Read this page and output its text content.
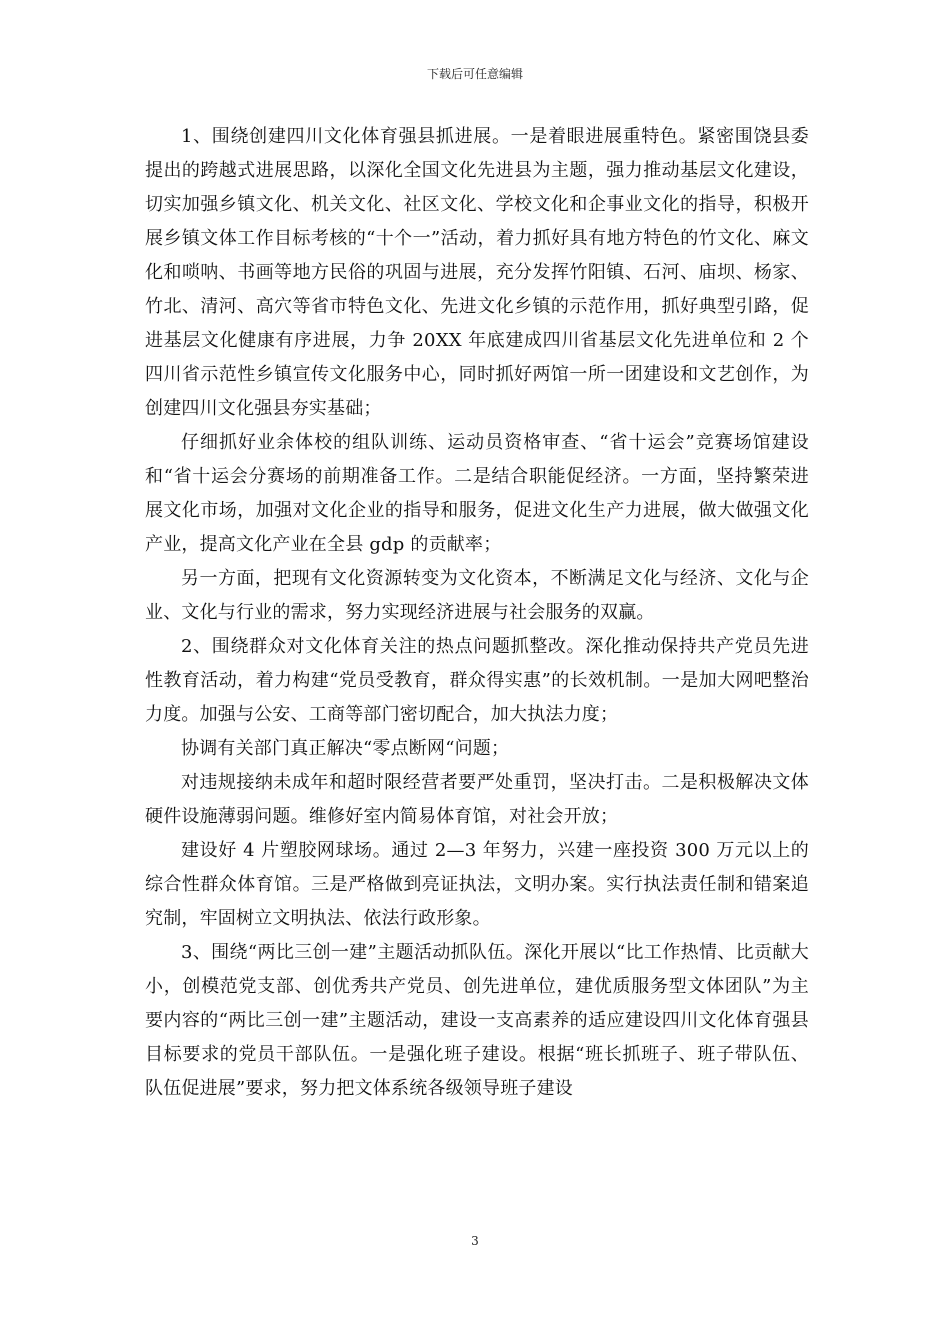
下载后可任意编辑

1、围绕创建四川文化体育强县抓进展。一是着眼进展重特色。紧密围饶县委提出的跨越式进展思路，以深化全国文化先进县为主题，强力推动基层文化建设，切实加强乡镇文化、机关文化、社区文化、学校文化和企事业文化的指导，积极开展乡镇文体工作目标考核的“十个一”活动，着力抓好具有地方特色的竹文化、麻文化和唢呐、书画等地方民俗的巩固与进展，充分发挥竹阳镇、石河、庙坝、杨家、竹北、清河、高穴等省市特色文化、先进文化乡镇的示范作用，抓好典型引路，促进基层文化健康有序进展，力争 20XX 年底建成四川省基层文化先进单位和 2 个四川省示范性乡镇宣传文化服务中心，同时抓好两馆一所一团建设和文艺创作，为创建四川文化强县夯实基础；

仔细抓好业余体校的组队训练、运动员资格审查、“省十运会”竞赛场馆建设和“省十运会分赛场的前期准备工作。二是结合职能促经济。一方面，坚持繁荣进展文化市场，加强对文化企业的指导和服务，促进文化生产力进展，做大做强文化产业，提高文化产业在全县 gdp 的贡献率；

另一方面，把现有文化资源转变为文化资本，不断满足文化与经济、文化与企业、文化与行业的需求，努力实现经济进展与社会服务的双赢。

2、围绕群众对文化体育关注的热点问题抓整改。深化推动保持共产党员先进性教育活动，着力构建“党员受教育，群众得实惠”的长效机制。一是加大网吧整治力度。加强与公安、工商等部门密切配合，加大执法力度；

协调有关部门真正解决“零点断网“问题；

对违规接纳未成年和超时限经营者要严处重罚，坚决打击。二是积极解决文体硬件设施薄弱问题。维修好室内简易体育馆，对社会开放；

建设好 4 片塑胶网球场。通过 2—3 年努力，兴建一座投资 300 万元以上的综合性群众体育馆。三是严格做到亮证执法，文明办案。实行执法责任制和错案追究制，牢固树立文明执法、依法行政形象。

3、围绕“两比三创一建”主题活动抓队伍。深化开展以“比工作热情、比贡献大小，创模范党支部、创优秀共产党员、创先进单位，建优质服务型文体团队”为主要内容的“两比三创一建”主题活动，建设一支高素养的适应建设四川文化体育强县目标要求的党员干部队伍。一是强化班子建设。根据“班长抓班子、班子带队伍、队伍促进展”要求，努力把文体系统各级领导班子建设

3
